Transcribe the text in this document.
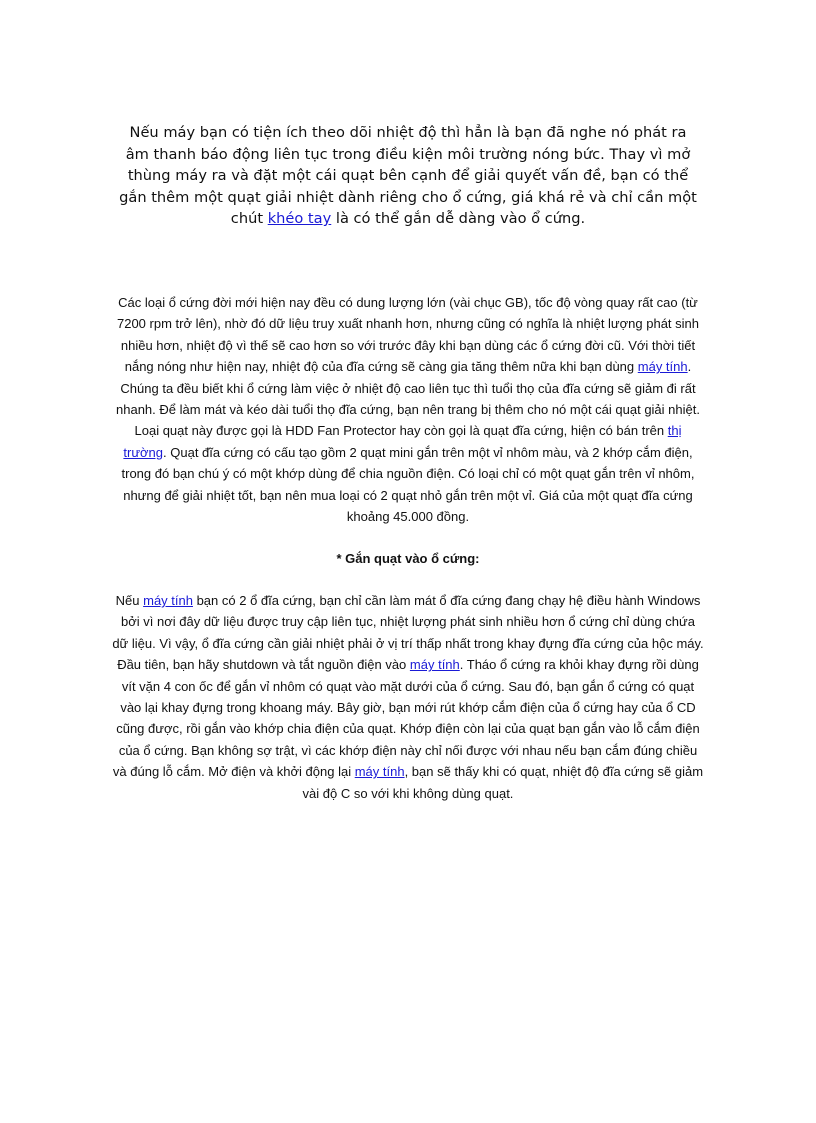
Nếu máy bạn có tiện ích theo dõi nhiệt độ thì hẳn là bạn đã nghe nó phát ra âm thanh báo động liên tục trong điều kiện môi trường nóng bức. Thay vì mở thùng máy ra và đặt một cái quạt bên cạnh để giải quyết vấn đề, bạn có thể gắn thêm một quạt giải nhiệt dành riêng cho ổ cứng, giá khá rẻ và chỉ cần một chút khéo tay là có thể gắn dễ dàng vào ổ cứng.

Các loại ổ cứng đời mới hiện nay đều có dung lượng lớn (vài chục GB), tốc độ vòng quay rất cao (từ 7200 rpm trở lên), nhờ đó dữ liệu truy xuất nhanh hơn, nhưng cũng có nghĩa là nhiệt lượng phát sinh nhiều hơn, nhiệt độ vì thế sẽ cao hơn so với trước đây khi bạn dùng các ổ cứng đời cũ. Với thời tiết nắng nóng như hiện nay, nhiệt độ của đĩa cứng sẽ càng gia tăng thêm nữa khi bạn dùng máy tính. Chúng ta đều biết khi ổ cứng làm việc ở nhiệt độ cao liên tục thì tuổi thọ của đĩa cứng sẽ giảm đi rất nhanh. Để làm mát và kéo dài tuổi thọ đĩa cứng, bạn nên trang bị thêm cho nó một cái quạt giải nhiệt. Loại quạt này được gọi là HDD Fan Protector hay còn gọi là quạt đĩa cứng, hiện có bán trên thị trường. Quạt đĩa cứng có cấu tạo gồm 2 quạt mini gắn trên một vỉ nhôm màu, và 2 khớp cắm điện, trong đó bạn chú ý có một khớp dùng để chia nguồn điện. Có loại chỉ có một quạt gắn trên vỉ nhôm, nhưng để giải nhiệt tốt, bạn nên mua loại có 2 quạt nhỏ gắn trên một vỉ. Giá của một quạt đĩa cứng khoảng 45.000 đồng.

* Gắn quạt vào ổ cứng:

Nếu máy tính bạn có 2 ổ đĩa cứng, bạn chỉ cần làm mát ổ đĩa cứng đang chạy hệ điều hành Windows bởi vì nơi đây dữ liệu được truy cập liên tục, nhiệt lượng phát sinh nhiều hơn ổ cứng chỉ dùng chứa dữ liệu. Vì vậy, ổ đĩa cứng cần giải nhiệt phải ở vị trí thấp nhất trong khay đựng đĩa cứng của hộc máy. Đầu tiên, bạn hãy shutdown và tắt nguồn điện vào máy tính. Tháo ổ cứng ra khỏi khay đựng rồi dùng vít vặn 4 con ốc để gắn vỉ nhôm có quạt vào mặt dưới của ổ cứng. Sau đó, bạn gắn ổ cứng có quạt vào lại khay đựng trong khoang máy. Bây giờ, bạn mới rút khớp cắm điện của ổ cứng hay của ổ CD cũng được, rồi gắn vào khớp chia điện của quạt. Khớp điện còn lại của quạt bạn gắn vào lỗ cắm điện của ổ cứng. Bạn không sợ trật, vì các khớp điện này chỉ nối được với nhau nếu bạn cắm đúng chiều và đúng lỗ cắm. Mở điện và khởi động lại máy tính, bạn sẽ thấy khi có quạt, nhiệt độ đĩa cứng sẽ giảm vài độ C so với khi không dùng quạt.
